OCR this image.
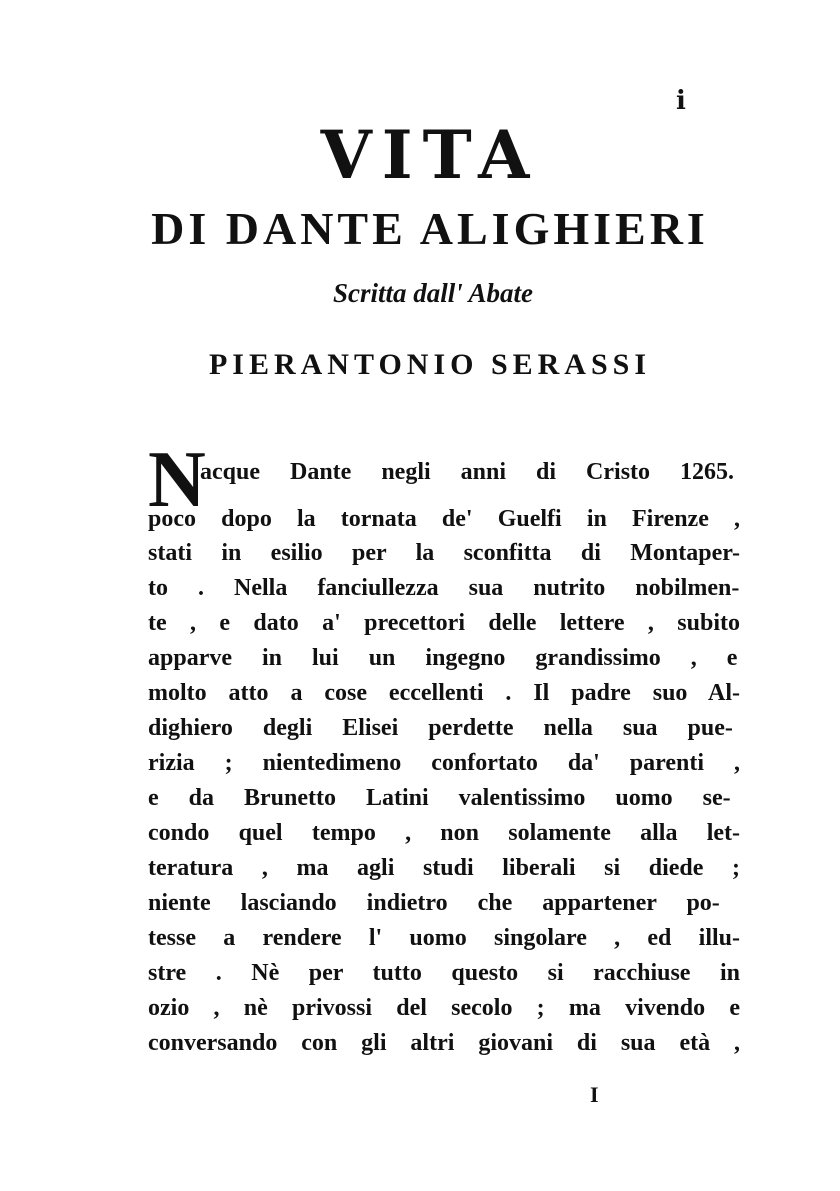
i
VITA
DI DANTE ALIGHIERI
Scritta dall' Abate
PIERANTONIO SERASSI
N
acque Dante negli anni di Cristo 1265.
poco dopo la tornata de' Guelfi in Firenze ,
stati in esilio per la sconfitta di Montaper-
to . Nella fanciullezza sua nutrito nobilmen-
te , e dato a' precettori delle lettere , subito
apparve in lui un ingegno grandissimo , e
molto atto a cose eccellenti . Il padre suo Al-
dighiero degli Elisei perdette nella sua pue-
rizia ; nientedimeno confortato da' parenti ,
e da Brunetto Latini valentissimo uomo se-
condo quel tempo , non solamente alla let-
teratura , ma agli studi liberali si diede ;
niente lasciando indietro che appartener po-
tesse a rendere l' uomo singolare , ed illu-
stre . Nè per tutto questo si racchiuse in
ozio , nè privossi del secolo ; ma vivendo e
conversando con gli altri giovani di sua età ,
I
